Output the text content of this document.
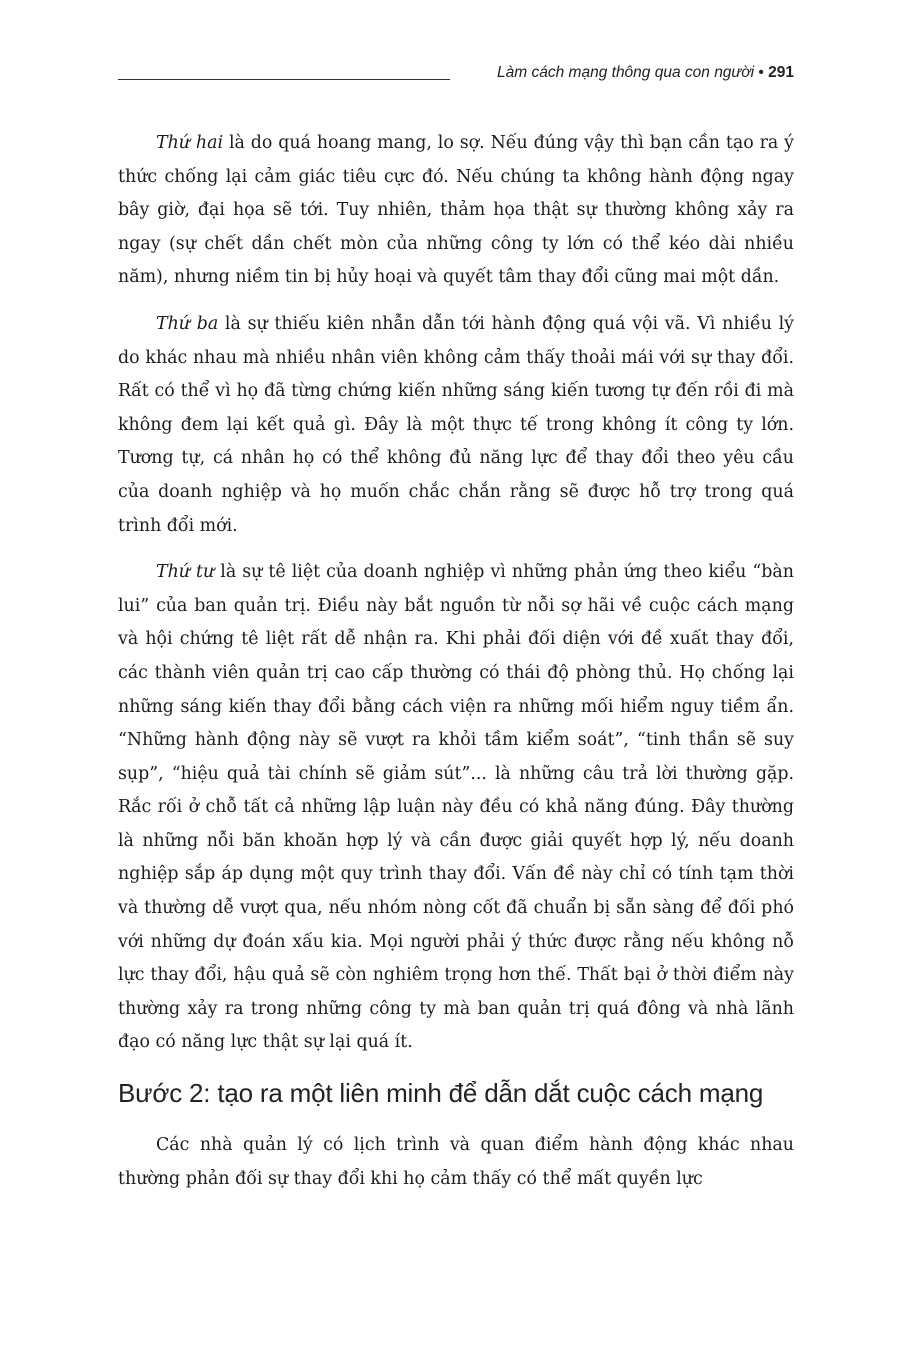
Làm cách mạng thông qua con người • 291

Thứ hai là do quá hoang mang, lo sợ. Nếu đúng vậy thì bạn cần tạo ra ý thức chống lại cảm giác tiêu cực đó. Nếu chúng ta không hành động ngay bây giờ, đại họa sẽ tới. Tuy nhiên, thảm họa thật sự thường không xảy ra ngay (sự chết dần chết mòn của những công ty lớn có thể kéo dài nhiều năm), nhưng niềm tin bị hủy hoại và quyết tâm thay đổi cũng mai một dần.

Thứ ba là sự thiếu kiên nhẫn dẫn tới hành động quá vội vã. Vì nhiều lý do khác nhau mà nhiều nhân viên không cảm thấy thoải mái với sự thay đổi. Rất có thể vì họ đã từng chứng kiến những sáng kiến tương tự đến rồi đi mà không đem lại kết quả gì. Đây là một thực tế trong không ít công ty lớn. Tương tự, cá nhân họ có thể không đủ năng lực để thay đổi theo yêu cầu của doanh nghiệp và họ muốn chắc chắn rằng sẽ được hỗ trợ trong quá trình đổi mới.

Thứ tư là sự tê liệt của doanh nghiệp vì những phản ứng theo kiểu “bàn lui” của ban quản trị. Điều này bắt nguồn từ nỗi sợ hãi về cuộc cách mạng và hội chứng tê liệt rất dễ nhận ra. Khi phải đối diện với đề xuất thay đổi, các thành viên quản trị cao cấp thường có thái độ phòng thủ. Họ chống lại những sáng kiến thay đổi bằng cách viện ra những mối hiểm nguy tiềm ẩn. “Những hành động này sẽ vượt ra khỏi tầm kiểm soát”, “tinh thần sẽ suy sụp”, “hiệu quả tài chính sẽ giảm sút”... là những câu trả lời thường gặp. Rắc rối ở chỗ tất cả những lập luận này đều có khả năng đúng. Đây thường là những nỗi băn khoăn hợp lý và cần được giải quyết hợp lý, nếu doanh nghiệp sắp áp dụng một quy trình thay đổi. Vấn đề này chỉ có tính tạm thời và thường dễ vượt qua, nếu nhóm nòng cốt đã chuẩn bị sẵn sàng để đối phó với những dự đoán xấu kia. Mọi người phải ý thức được rằng nếu không nỗ lực thay đổi, hậu quả sẽ còn nghiêm trọng hơn thế. Thất bại ở thời điểm này thường xảy ra trong những công ty mà ban quản trị quá đông và nhà lãnh đạo có năng lực thật sự lại quá ít.

Bước 2: tạo ra một liên minh để dẫn dắt cuộc cách mạng

Các nhà quản lý có lịch trình và quan điểm hành động khác nhau thường phản đối sự thay đổi khi họ cảm thấy có thể mất quyền lực
